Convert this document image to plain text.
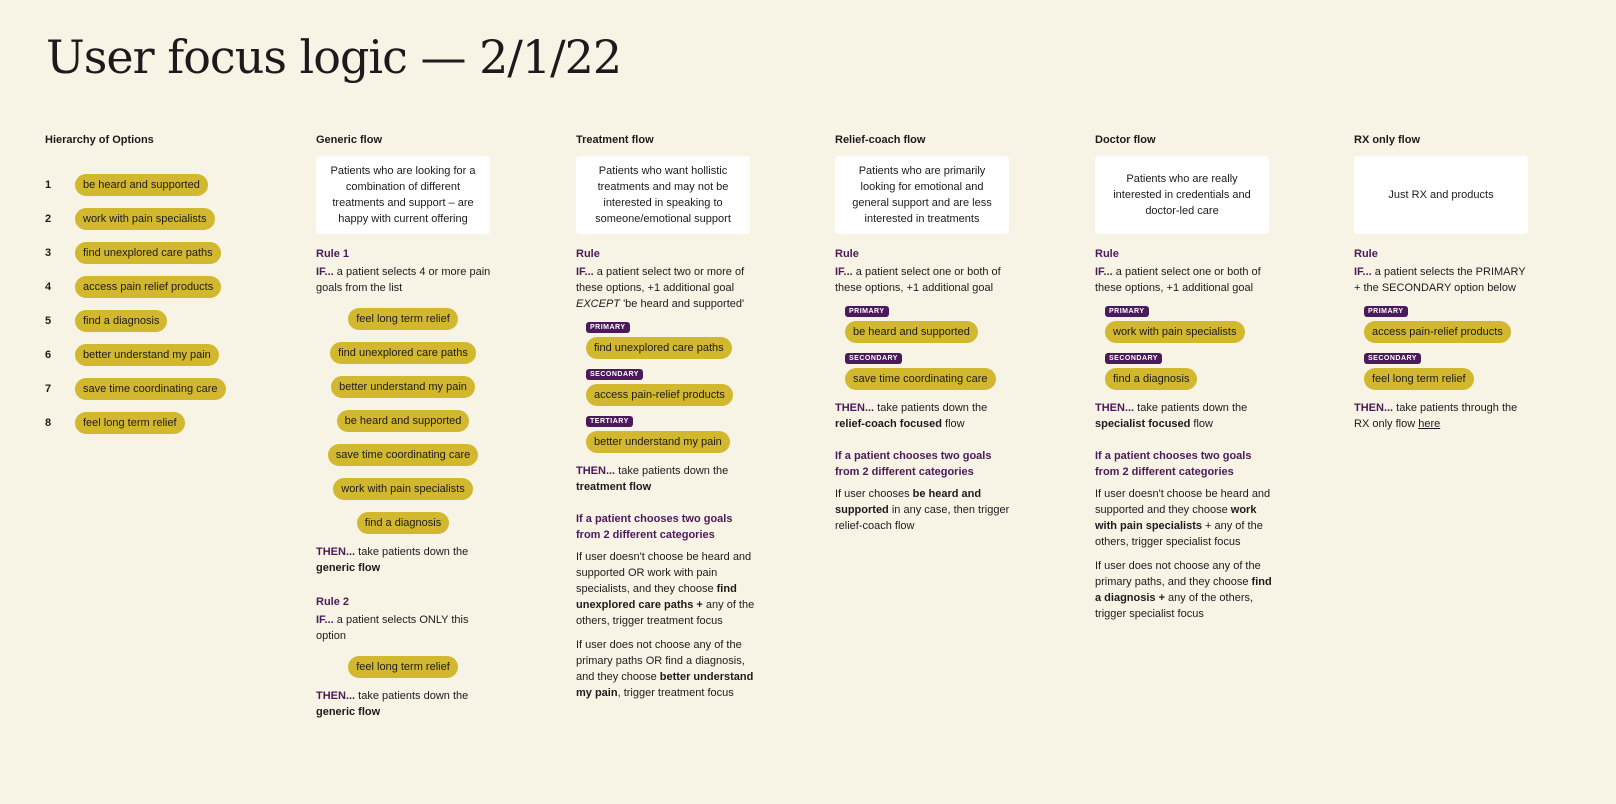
User focus logic — 2/1/22
Hierarchy of Options
1	be heard and supported
2	work with pain specialists
3	find unexplored care paths
4	access pain relief products
5	find a diagnosis
6	better understand my pain
7	save time coordinating care
8	feel long term relief
Generic flow
Patients who are looking for a combination of different treatments and support – are happy with current offering
Rule 1
IF... a patient selects 4 or more pain goals from the list
feel long term relief
find unexplored care paths
better understand my pain
be heard and supported
save time coordinating care
work with pain specialists
find a diagnosis
THEN... take patients down the generic flow
Rule 2
IF... a patient selects ONLY this option
feel long term relief
THEN... take patients down the generic flow
Treatment flow
Patients who want hollistic treatments and may not be interested in speaking to someone/emotional support
Rule
IF... a patient select two or more of these options, +1 additional goal EXCEPT 'be heard and supported'
PRIMARY
find unexplored care paths
SECONDARY
access pain-relief products
TERTIARY
better understand my pain
THEN... take patients down the treatment flow
If a patient chooses two goals from 2 different categories
If user doesn't choose be heard and supported OR work with pain specialists, and they choose find unexplored care paths + any of the others, trigger treatment focus
If user does not choose any of the primary paths OR find a diagnosis, and they choose better understand my pain, trigger treatment focus
Relief-coach flow
Patients who are primarily looking for emotional and general support and are less interested in treatments
Rule
IF... a patient select one or both of these options, +1 additional goal
PRIMARY
be heard and supported
SECONDARY
save time coordinating care
THEN... take patients down the relief-coach focused flow
If a patient chooses two goals from 2 different categories
If user chooses be heard and supported in any case, then trigger relief-coach flow
Doctor flow
Patients who are really interested in credentials and doctor-led care
Rule
IF... a patient select one or both of these options, +1 additional goal
PRIMARY
work with pain specialists
SECONDARY
find a diagnosis
THEN... take patients down the specialist focused flow
If a patient chooses two goals from 2 different categories
If user doesn't choose be heard and supported and they choose work with pain specialists + any of the others, trigger specialist focus
If user does not choose any of the primary paths, and they choose find a diagnosis + any of the others, trigger specialist focus
RX only flow
Just RX and products
Rule
IF... a patient selects the PRIMARY + the SECONDARY option below
PRIMARY
access pain-relief products
SECONDARY
feel long term relief
THEN... take patients through the RX only flow here
